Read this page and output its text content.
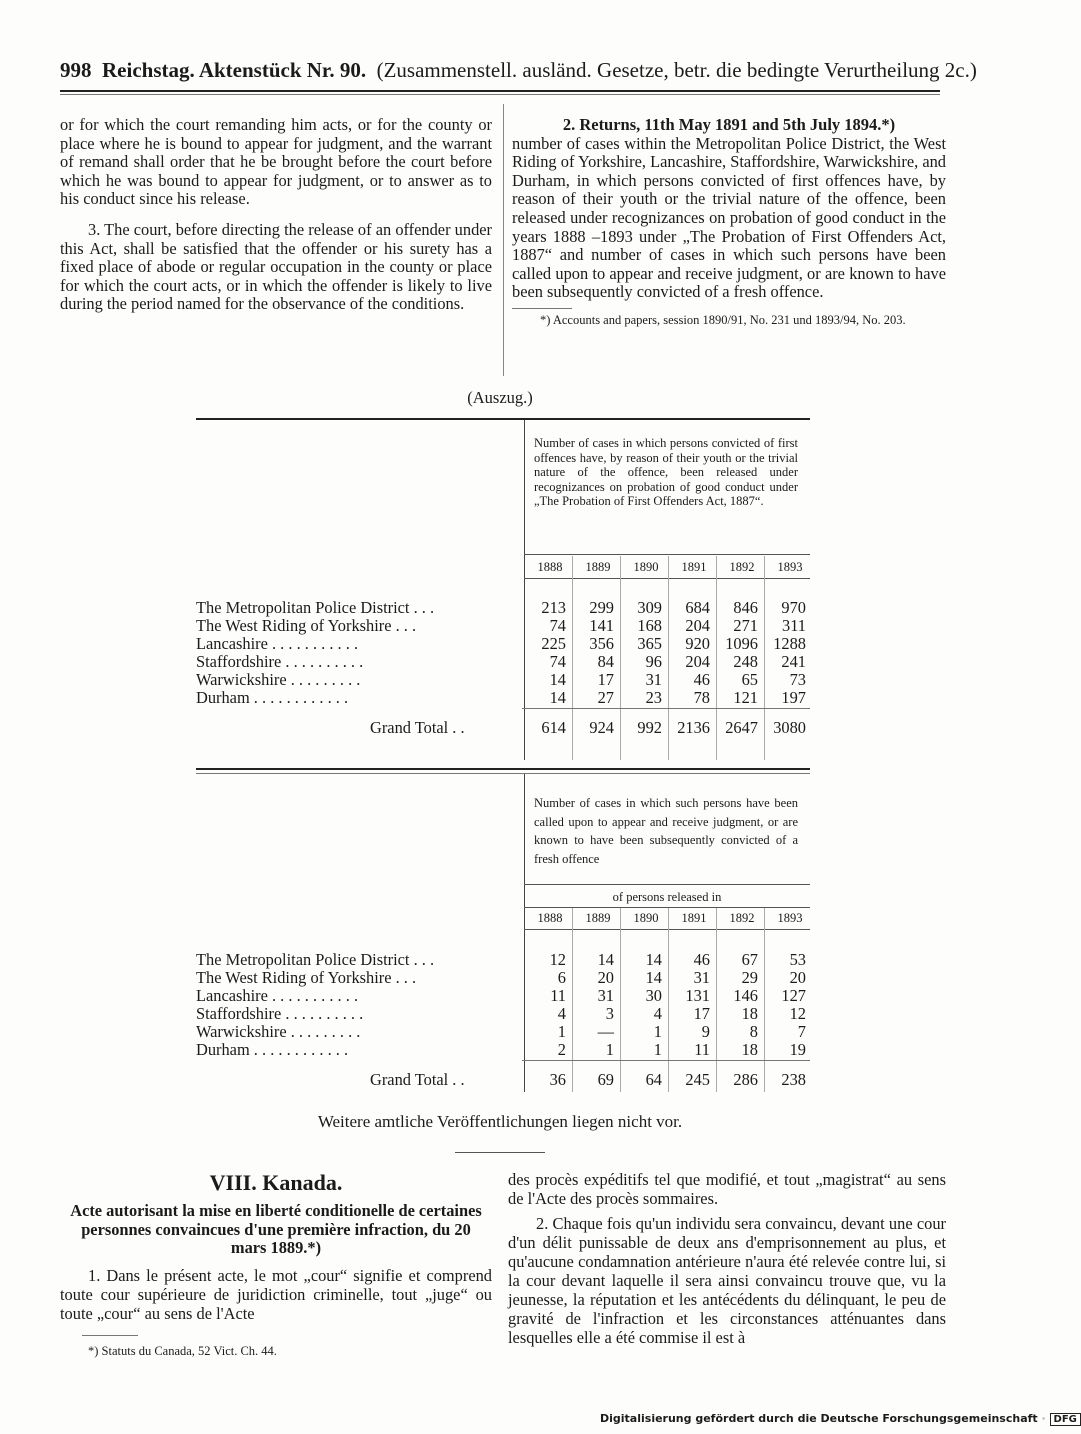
998 Reichstag. Aktenstück Nr. 90. (Zusammenstell. ausländ. Gesetze, betr. die bedingte Verurtheilung 2c.)

or for which the court remanding him acts, or for the county or place where he is bound to appear for judgment, and the warrant of remand shall order that he be brought before the court before which he was bound to appear for judgment, or to answer as to his conduct since his release.

3. The court, before directing the release of an offender under this Act, shall be satisfied that the offender or his surety has a fixed place of abode or regular occupation in the county or place for which the court acts, or in which the offender is likely to live during the period named for the observance of the conditions.

2. Returns, 11th May 1891 and 5th July 1894.*)

number of cases within the Metropolitan Police District, the West Riding of Yorkshire, Lancashire, Staffordshire, Warwickshire, and Durham, in which persons convicted of first offences have, by reason of their youth or the trivial nature of the offence, been released under recognizances on probation of good conduct in the years 1888 –1893 under „The Probation of First Offenders Act, 1887“ and number of cases in which such persons have been called upon to appear and receive judgment, or are known to have been subsequently convicted of a fresh offence.

*) Accounts and papers, session 1890/91, No. 231 und 1893/94, No. 203.

(Auszug.)
Number of cases in which persons convicted of first offences have, by reason of their youth or the trivial nature of the offence, been released under recognizances on probation of good conduct under „The Probation of First Offenders Act, 1887“.
1888	1889	1890	1891	1892	1893
The Metropolitan Police District . . .	213	299	309	684	846	970
The West Riding of Yorkshire . . .	74	141	168	204	271	311
Lancashire . . . . . . . . . . .	225	356	365	920 1096 1288
Staffordshire . . . . . . . . . .	74	84	96	204	248	241
Warwickshire . . . . . . . . .	14	17	31	46	65	73
Durham . . . . . . . . . . . .	14	27	23	78	121	197
Grand Total . .	614	924	992 2136 2647 3080
Number of cases in which such persons have been called upon to appear and receive judgment, or are known to have been subsequently convicted of a fresh offence
of persons released in
1888	1889	1890	1891	1892	1893
The Metropolitan Police District . . .	12	14	14	46	67	53
The West Riding of Yorkshire . . .	6	20	14	31	29	20
Lancashire . . . . . . . . . . .	11	31	30	131	146	127
Staffordshire . . . . . . . . . .	4	3	4	17	18	12
Warwickshire . . . . . . . . .	1	—	1	9	8	7
Durham . . . . . . . . . . . .	2	1	1	11	18	19
Grand Total . .	36	69	64	245	286	238
Weitere amtliche Veröffentlichungen liegen nicht vor.
VIII. Kanada.
Acte autorisant la mise en liberté conditionelle de certaines personnes convaincues d'une première infraction, du 20 mars 1889.*)
1. Dans le présent acte, le mot „cour“ signifie et comprend toute cour supérieure de juridiction criminelle, tout „juge“ ou toute „cour“ au sens de l'Acte
*) Statuts du Canada, 52 Vict. Ch. 44.
des procès expéditifs tel que modifié, et tout „magistrat“ au sens de l'Acte des procès sommaires.
2. Chaque fois qu'un individu sera convaincu, devant une cour d'un délit punissable de deux ans d'emprisonnement au plus, et qu'aucune condamnation antérieure n'aura été relevée contre lui, si la cour devant laquelle il sera ainsi convaincu trouve que, vu la jeunesse, la réputation et les antécédents du délinquant, le peu de gravité de l'infraction et les circonstances atténuantes dans lesquelles elle a été commise il est à
Digitalisierung gefördert durch die Deutsche Forschungsgemeinschaft · DFG
